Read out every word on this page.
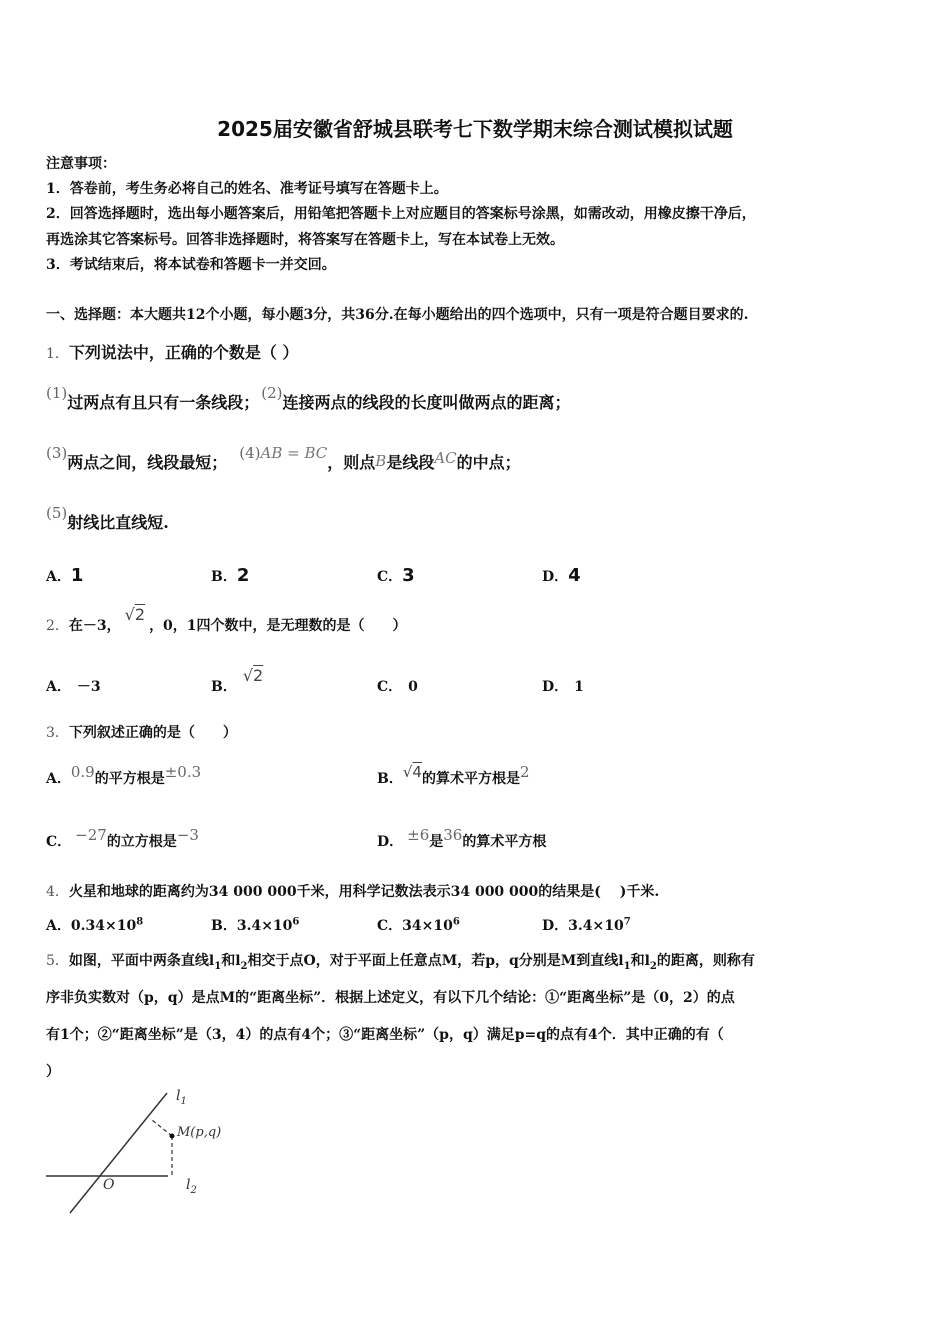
2025届安徽省舒城县联考七下数学期末综合测试模拟试题
注意事项：
1．答卷前，考生务必将自己的姓名、准考证号填写在答题卡上。
2．回答选择题时，选出每小题答案后，用铅笔把答题卡上对应题目的答案标号涂黑，如需改动，用橡皮擦干净后，
再选涂其它答案标号。回答非选择题时，将答案写在答题卡上，写在本试卷上无效。
3．考试结束后，将本试卷和答题卡一并交回。
一、选择题：本大题共12个小题，每小题3分，共36分.在每小题给出的四个选项中，只有一项是符合题目要求的.
1．下列说法中，正确的个数是（ ）
(1)过两点有且只有一条线段； (2)连接两点的线段的长度叫做两点的距离；
(3)两点之间，线段最短； (4)AB = BC，则点B是线段AC的中点；
(5)射线比直线短.
A．1	B．2	C．3	D．4
2．在－3，√2，0，1四个数中，是无理数的是（　　）
A． －3	B．√2
C． 0	D． 1
3．下列叙述正确的是（　　）
A．0.9的平方根是±0.3	B．√4的算术平方根是2
C． −27的立方根是−3	D． ±6是36的算术平方根
4．火星和地球的距离约为34 000 000千米，用科学记数法表示34 000 000的结果是(　 )千米.
A．$0.34\times 10^8$	B．$3.4\times 10^6$	C．$34\times 10^6$	D．$3.4\times 10^7$
5．如图，平面中两条直线$l_1$和$l_2$相交于点O，对于平面上任意点M，若p，q分别是M到直线$l_1$和$l_2$的距离，则称有
序非负实数对（p，q）是点M的“距离坐标”．根据上述定义，有以下几个结论：①“距离坐标”是（0，2）的点
有1个；②“距离坐标”是（3，4）的点有4个；③“距离坐标”（p，q）满足p=q的点有4个．其中正确的有（
）
$l_1$
M(p,q)
O	$l_2$
